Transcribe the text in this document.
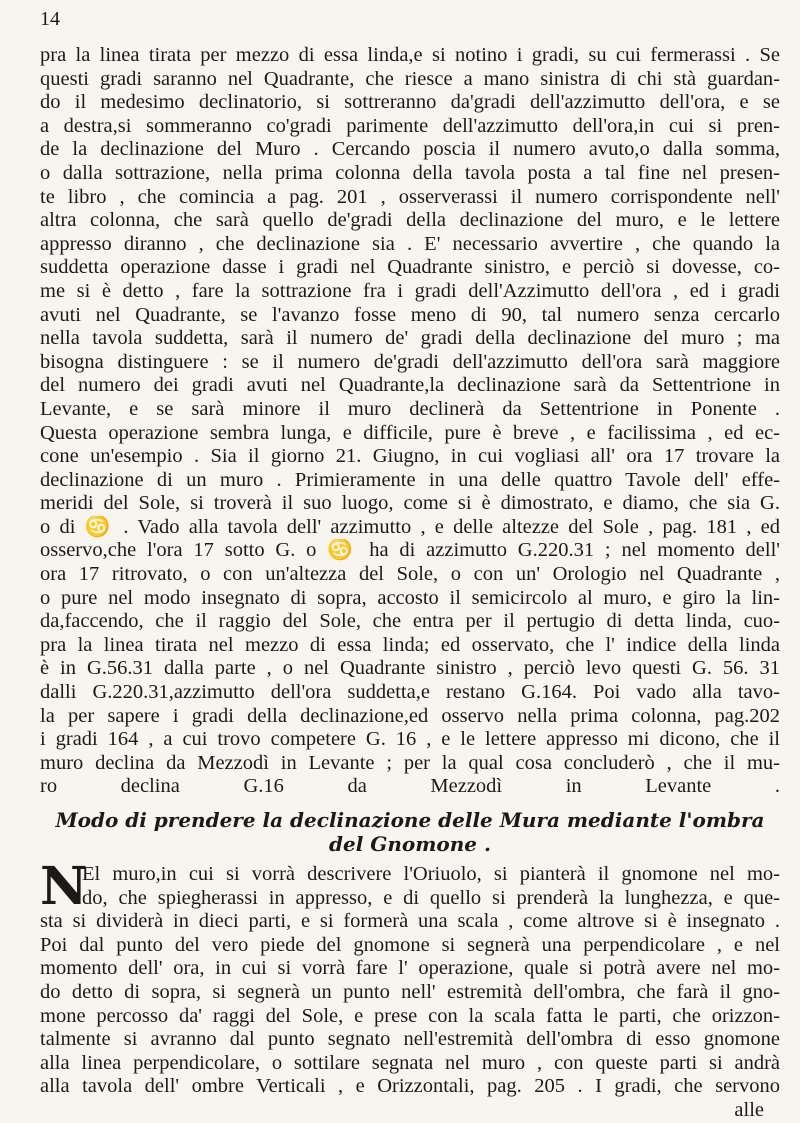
14
pra la linea tirata per mezzo di essa linda,e si notino i gradi, su cui fermerassi . Se
questi gradi saranno nel Quadrante, che riesce a mano sinistra di chi stà guardan-
do il medesimo declinatorio, si sottreranno da'gradi dell'azzimutto dell'ora, e se
a destra,si sommeranno co'gradi parimente dell'azzimutto dell'ora,in cui si pren-
de la declinazione del Muro . Cercando poscia il numero avuto,o dalla somma,
o dalla sottrazione, nella prima colonna della tavola posta a tal fine nel presen-
te libro , che comincia a pag. 201 , osserverassi il numero corrispondente nell'
altra colonna, che sarà quello de'gradi della declinazione del muro, e le lettere
appresso diranno , che declinazione sia . E' necessario avvertire , che quando la
suddetta operazione dasse i gradi nel Quadrante sinistro, e perciò si dovesse, co-
me si è detto , fare la sottrazione fra i gradi dell'Azzimutto dell'ora , ed i gradi
avuti nel Quadrante, se l'avanzo fosse meno di 90, tal numero senza cercarlo
nella tavola suddetta, sarà il numero de' gradi della declinazione del muro ; ma
bisogna distinguere : se il numero de'gradi dell'azzimutto dell'ora sarà maggiore
del numero dei gradi avuti nel Quadrante,la declinazione sarà da Settentrione in
Levante, e se sarà minore il muro declinerà da Settentrione in Ponente .
Questa operazione sembra lunga, e difficile, pure è breve , e facilissima , ed ec-
cone un'esempio . Sia il giorno 21. Giugno, in cui vogliasi all' ora 17 trovare la
declinazione di un muro . Primieramente in una delle quattro Tavole dell' effe-
meridi del Sole, si troverà il suo luogo, come si è dimostrato, e diamo, che sia G.
o di ♋ . Vado alla tavola dell' azzimutto , e delle altezze del Sole , pag. 181 , ed
osservo,che l'ora 17 sotto G. o ♋ ha di azzimutto G.220.31 ; nel momento dell'
ora 17 ritrovato, o con un'altezza del Sole, o con un' Orologio nel Quadrante ,
o pure nel modo insegnato di sopra, accosto il semicircolo al muro, e giro la lin-
da,faccendo, che il raggio del Sole, che entra per il pertugio di detta linda, cuo-
pra la linea tirata nel mezzo di essa linda; ed osservato, che l' indice della linda
è in G.56.31 dalla parte , o nel Quadrante sinistro , perciò levo questi G. 56. 31
dalli G.220.31,azzimutto dell'ora suddetta,e restano G.164. Poi vado alla tavo-
la per sapere i gradi della declinazione,ed osservo nella prima colonna, pag.202
i gradi 164 , a cui trovo competere G. 16 , e le lettere appresso mi dicono, che il
muro declina da Mezzodì in Levante ; per la qual cosa concluderò , che il mu-
ro declina G.16 da Mezzodì in Levante .
Modo di prendere la declinazione delle Mura mediante l'ombra del Gnomone .
N
El muro,in cui si vorrà descrivere l'Oriuolo, si pianterà il gnomone nel mo-
do, che spiegherassi in appresso, e di quello si prenderà la lunghezza, e que-
sta si dividerà in dieci parti, e si formerà una scala , come altrove si è insegnato .
Poi dal punto del vero piede del gnomone si segnerà una perpendicolare , e nel
momento dell' ora, in cui si vorrà fare l' operazione, quale si potrà avere nel mo-
do detto di sopra, si segnerà un punto nell' estremità dell'ombra, che farà il gno-
mone percosso da' raggi del Sole, e prese con la scala fatta le parti, che orizzon-
talmente si avranno dal punto segnato nell'estremità dell'ombra di esso gnomone
alla linea perpendicolare, o sottilare segnata nel muro , con queste parti si andrà
alla tavola dell' ombre Verticali , e Orizzontali, pag. 205 . I gradi, che servono
alle
